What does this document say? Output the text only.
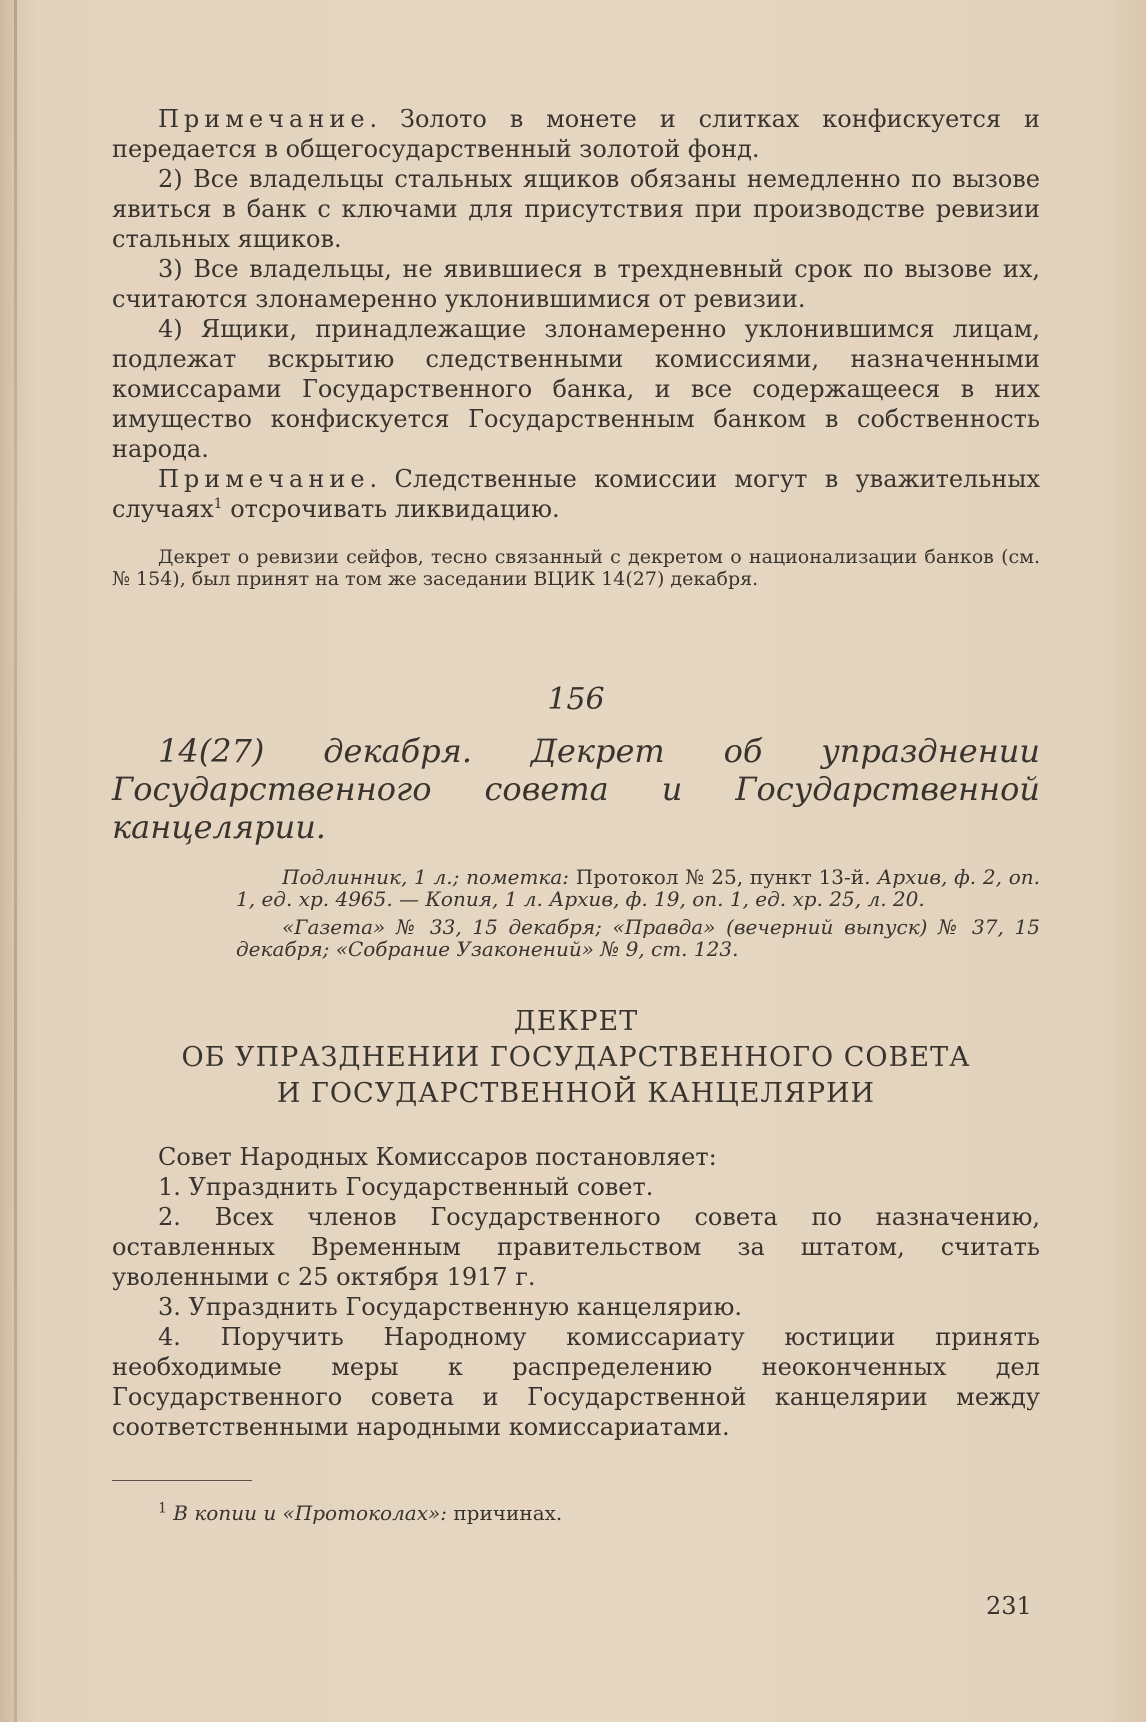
Примечание. Золото в монете и слитках конфискуется и передается в общегосударственный золотой фонд.

2) Все владельцы стальных ящиков обязаны немедленно по вызове явиться в банк с ключами для присутствия при производстве ревизии стальных ящиков.

3) Все владельцы, не явившиеся в трехдневный срок по вызове их, считаются злонамеренно уклонившимися от ревизии.

4) Ящики, принадлежащие злонамеренно уклонившимся лицам, подлежат вскрытию следственными комиссиями, назначенными комиссарами Государственного банка, и все содержащееся в них имущество конфискуется Государственным банком в собственность народа.

Примечание. Следственные комиссии могут в уважительных случаях$^1$ отсрочивать ликвидацию.

Декрет о ревизии сейфов, тесно связанный с декретом о национализации банков (см. № 154), был принят на том же заседании ВЦИК 14(27) декабря.
156
14(27) декабря. Декрет об упразднении Государственного совета и Государственной канцелярии.
Подлинник, 1 л.; пометка: Протокол № 25, пункт 13-й. Архив, ф. 2, оп. 1, ед. хр. 4965. — Копия, 1 л. Архив, ф. 19, оп. 1, ед. хр. 25, л. 20.
«Газета» № 33, 15 декабря; «Правда» (вечерний выпуск) № 37, 15 декабря; «Собрание Узаконений» № 9, ст. 123.
ДЕКРЕТ
ОБ УПРАЗДНЕНИИ ГОСУДАРСТВЕННОГО СОВЕТА
И ГОСУДАРСТВЕННОЙ КАНЦЕЛЯРИИ

Совет Народных Комиссаров постановляет:

1. Упразднить Государственный совет.

2. Всех членов Государственного совета по назначению, оставленных Временным правительством за штатом, считать уволенными с 25 октября 1917 г.

3. Упразднить Государственную канцелярию.

4. Поручить Народному комиссариату юстиции принять необходимые меры к распределению неоконченных дел Государственного совета и Государственной канцелярии между соответственными народными комиссариатами.

$^1$ В копии и «Протоколах»: причинах.
231
